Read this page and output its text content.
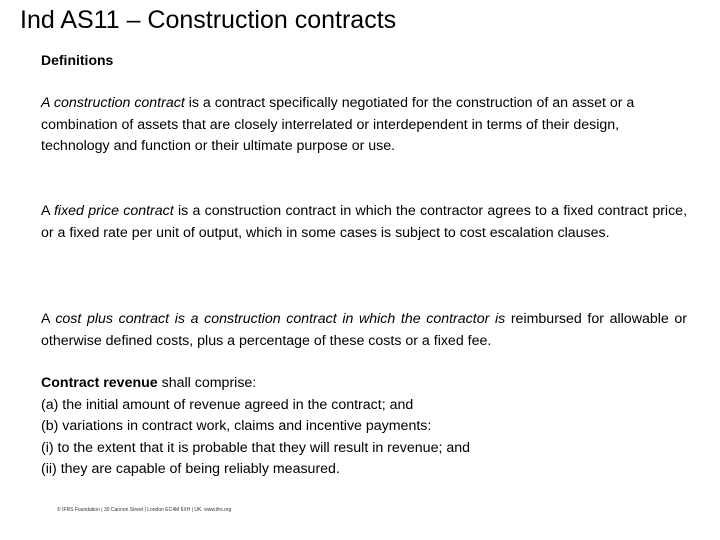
Ind AS11 – Construction contracts
Definitions
A construction contract is a contract specifically negotiated for the construction of an asset or a combination of assets that are closely interrelated or interdependent in terms of their design, technology and function or their ultimate purpose or use.
A fixed price contract is a construction contract in which the contractor agrees to a fixed contract price, or a fixed rate per unit of output, which in some cases is subject to cost escalation clauses.
A cost plus contract is a construction contract in which the contractor is reimbursed for allowable or otherwise defined costs, plus a percentage of these costs or a fixed fee.
Contract revenue shall comprise:
(a) the initial amount of revenue agreed in the contract; and
(b) variations in contract work, claims and incentive payments:
(i) to the extent that it is probable that they will result in revenue; and
(ii) they are capable of being reliably measured.
© IFRS Foundation | 30 Cannon Street | London EC4M 6XH | UK. www.ifrs.org
